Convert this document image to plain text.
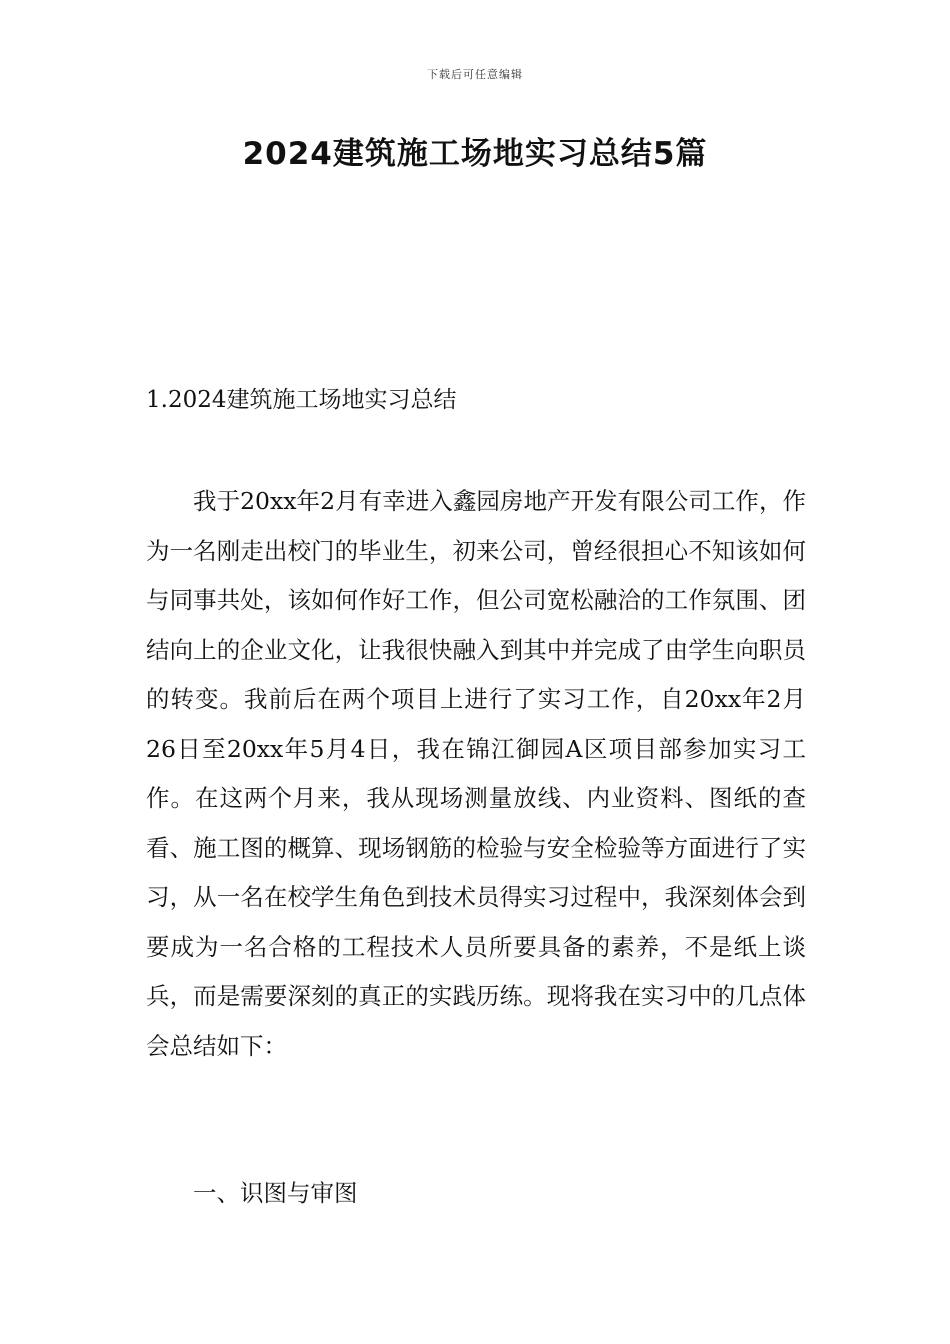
下载后可任意编辑
2024建筑施工场地实习总结5篇
1.2024建筑施工场地实习总结

我于20xx年2月有幸进入鑫园房地产开发有限公司工作，作为一名刚走出校门的毕业生，初来公司，曾经很担心不知该如何与同事共处，该如何作好工作，但公司宽松融洽的工作氛围、团结向上的企业文化，让我很快融入到其中并完成了由学生向职员的转变。我前后在两个项目上进行了实习工作，自20xx年2月26日至20xx年5月4日，我在锦江御园A区项目部参加实习工作。在这两个月来，我从现场测量放线、内业资料、图纸的查看、施工图的概算、现场钢筋的检验与安全检验等方面进行了实习，从一名在校学生角色到技术员得实习过程中，我深刻体会到要成为一名合格的工程技术人员所要具备的素养，不是纸上谈兵，而是需要深刻的真正的实践历练。现将我在实习中的几点体会总结如下：

一、识图与审图
